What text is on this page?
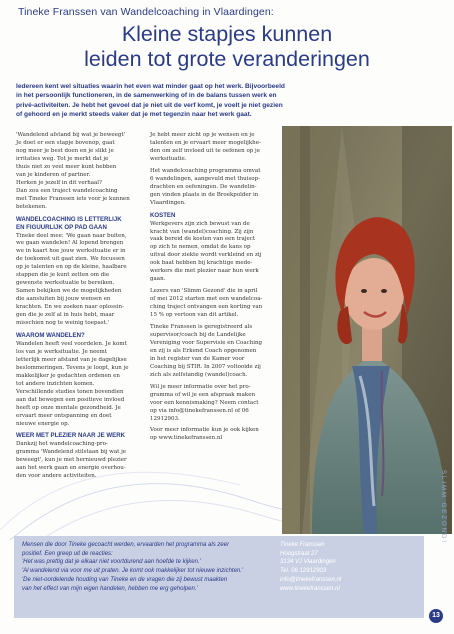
Tineke Franssen van Wandelcoaching in Vlaardingen:
Kleine stapjes kunnen
leiden tot grote veranderingen
Iedereen kent wel situaties waarin het even wat minder gaat op het werk. Bijvoorbeeld
in het persoonlijk functioneren, in de samenwerking of in de balans tussen werk en
privé-activiteiten. Je hebt het gevoel dat je niet uit de verf komt, je voelt je niet gezien
of gehoord en je merkt steeds vaker dat je met tegenzin naar het werk gaat.

'Wandelend afstand bij wat je beweegt'
Je doet er een stapje bovenop, gaat
nog meer je best doen en je slikt je
irritaties weg. Tot je merkt dat je
thuis niet zo veel meer kunt hebben
van je kinderen of partner.
Herken je jezelf in dit verhaal?
Dan zou een traject wandelcoaching
met Tineke Franssen iets voor je kunnen
betekenen.

WANDELCOACHING IS LETTERLIJK
EN FIGUURLIJK OP PAD GAAN

Tineke deel mee: 'We gaan naar buiten,
we gaan wandelen! Al lopend brengen
we in kaart hoe jouw werksituatie er in
de toekomst uit gaat zien. We focussen
op je talenten en op de kleine, haalbare
stappen die je kunt zetten om die
gewenste werksituatie te bereiken.
Samen bekijken we de mogelijkheden
die aansluiten bij jouw wensen en
krachten. En we zoeken naar oplossin-
gen die je zelf al in huis hebt, maar
misschien nog te weinig toepast.'

WAAROM WANDELEN?

Wandelen heeft veel voordelen. Je komt
los van je werksituatie. Je neemt
letterlijk meer afstand van je dagelijkse
beslommeringen. Tevens je loopt, kun je
makkelijker je gedachten ordenen en
tot andere inzichten komen.
Verschillende studies tonen bovendien
aan dat bewegen een positieve invloed
heeft op onze mentale gezondheid. Je
ervaart meer ontspanning en doet
nieuwe energie op.

WEER MET PLEZIER NAAR JE WERK

Dankzij het wandelcoaching-pro-
gramma 'Wandelend stilstaan bij wat je
beweegt', kun je met hernieuwd plezier
aan het werk gaan en energie overhou-
den voor andere activiteiten.

Je hebt meer zicht op je wensen en je
talenten en je ervaart meer mogelijkhe-
den om zelf invloed uit te oefenen op je
werksituatie.

Het wandelcoaching programma omvat
6 wandelingen, aangevuld met thuisop-
drachten en oefeningen. De wandelin-
gen vinden plaats in de Broekpolder in
Vlaardingen.

KOSTEN

Werkgevers zijn zich bewust van de
kracht van (wandel)coaching. Zij zijn
vaak bereid de kosten van een traject
op zich te nemen, omdat de kans op
uitval door ziekte wordt verkleind en zij
ook baat hebben bij krachtige mede-
werkers die met plezier naar hun werk
gaan.

Lezers van 'Slimm Gezond' die in april
of mei 2012 starten met een wandelcoa-
ching traject ontvangen een korting van
15 % op vertoon van dit artikel.

Tineke Franssen is geregistreerd als
supervisor/coach bij de Landelijke
Vereniging voor Supervisie en Coaching
en zij is als Erkend Coach opgenomen
in het register van de Kamer voor
Coaching bij STIR. In 2007 voltooide zij
zich als zelfstandig (wandel)coach.

Wil je meer informatie over het pro-
gramma of wil je een afspraak maken
voor een kennismaking? Neem contact
op via info@tinekefranssen.nl of 06
12912903.

Voor meer informatie kun je ook kijken
op www.tinekefranssen.nl

Mensen die door Tineke gecoacht werden, ervaarden het programma als zeer
positief. Een greep uit de reacties:
'Het was prettig dat je elkaar niet voortdurend aan hoefde te kijken.'
'Al wandelend via voor me uit praten. Je komt ook makkelijker tot nieuwe inzichten.'
'De niet-oordelende houding van Tineke en de vragen die zij bewust maakten
van het effect van mijn eigen handelen, hebben me erg geholpen.'
Tineke Franssen
Hoogstraat 27
3134 VJ Vlaardingen
Tel. 06 12912903
info@tinekefranssen.nl
www.tinekefranssen.nl
SLIMM GEZOND!
13
